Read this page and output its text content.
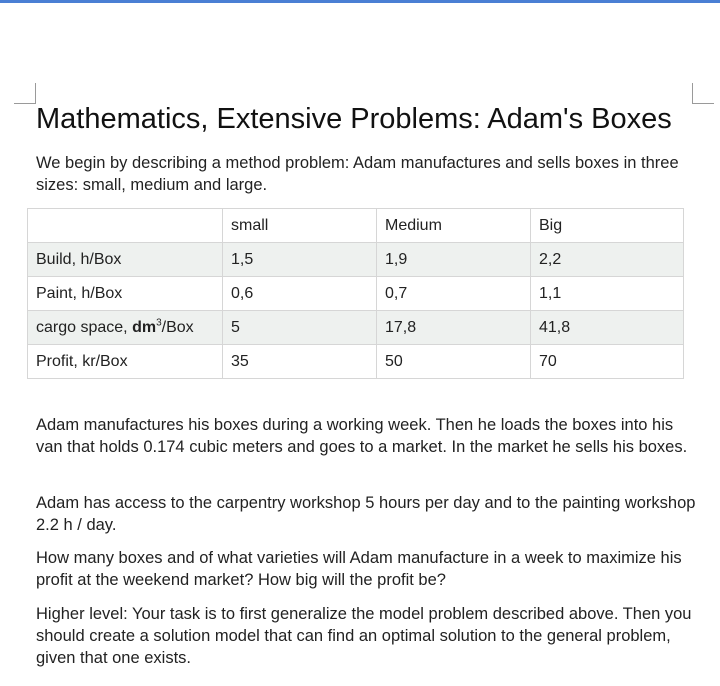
Mathematics, Extensive Problems: Adam's Boxes

We begin by describing a method problem: Adam manufactures and sells boxes in three sizes: small, medium and large.

	small	Medium	Big
Build, h/Box	1,5	1,9	2,2
Paint, h/Box	0,6	0,7	1,1
cargo space, $dm^3$/Box	5	17,8	41,8
Profit, kr/Box	35	50	70

Adam manufactures his boxes during a working week. Then he loads the boxes into his van that holds 0.174 cubic meters and goes to a market. In the market he sells his boxes.

Adam has access to the carpentry workshop 5 hours per day and to the painting workshop 2.2 h / day.

How many boxes and of what varieties will Adam manufacture in a week to maximize his profit at the weekend market? How big will the profit be?

Higher level: Your task is to first generalize the model problem described above. Then you should create a solution model that can find an optimal solution to the general problem, given that one exists.
